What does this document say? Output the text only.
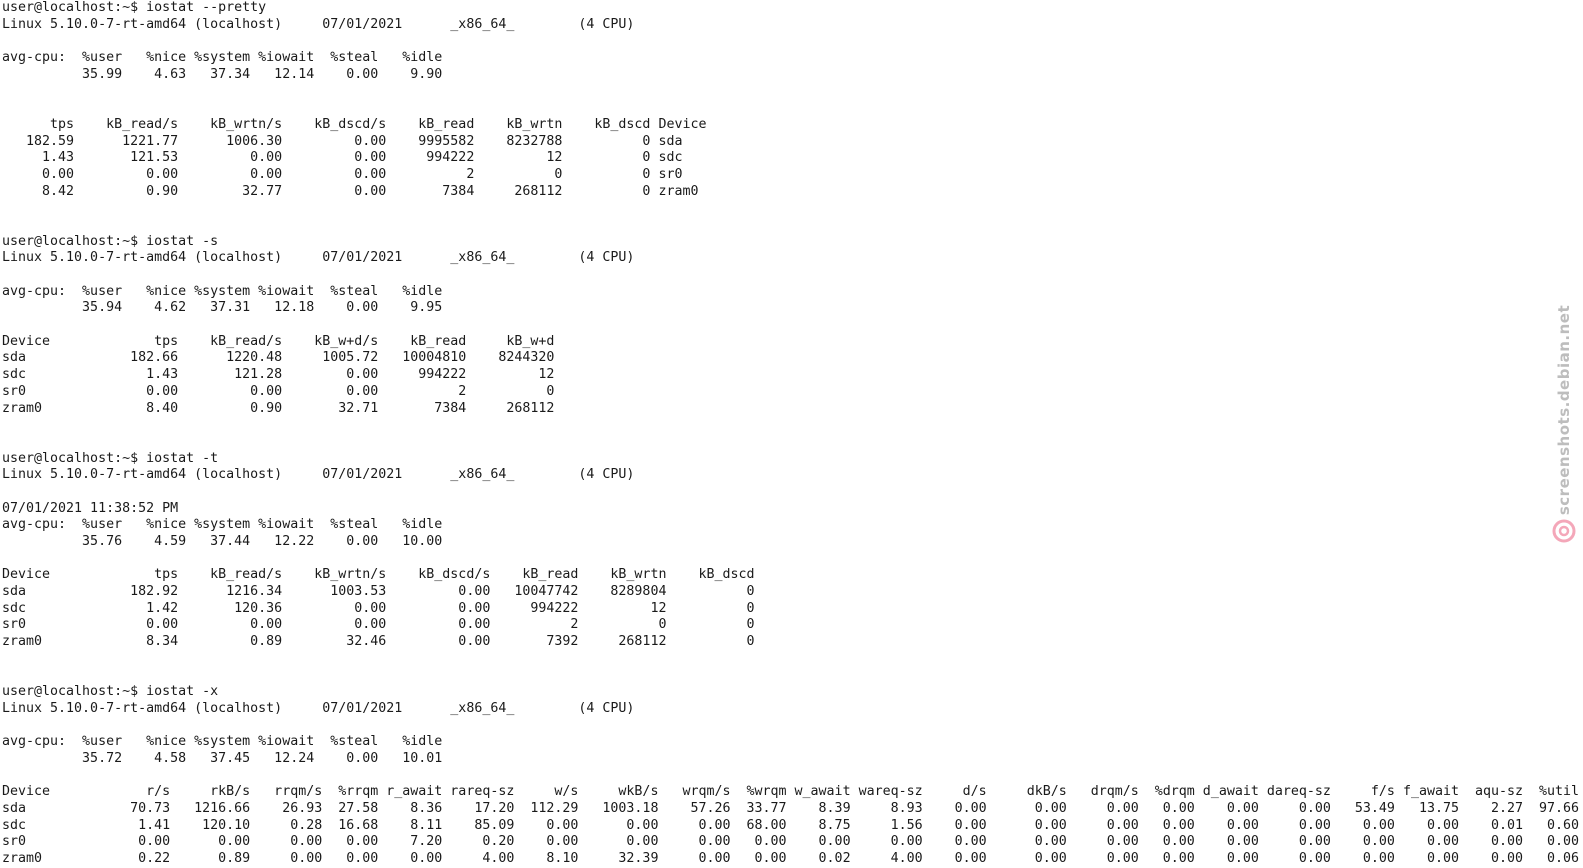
user@localhost:~$ iostat --pretty
Linux 5.10.0-7-rt-amd64 (localhost)     07/01/2021      _x86_64_        (4 CPU)
avg-cpu:  %user   %nice %system %iowait  %steal   %idle
35.99    4.63   37.34   12.14    0.00    9.90
tps    kB_read/s    kB_wrtn/s    kB_dscd/s    kB_read    kB_wrtn    kB_dscd Device
182.59      1221.77      1006.30         0.00    9995582    8232788          0 sda
1.43       121.53         0.00         0.00     994222         12          0 sdc
0.00         0.00         0.00         0.00          2          0          0 sr0
8.42         0.90        32.77         0.00       7384     268112          0 zram0
user@localhost:~$ iostat -s
Linux 5.10.0-7-rt-amd64 (localhost)     07/01/2021      _x86_64_        (4 CPU)
avg-cpu:  %user   %nice %system %iowait  %steal   %idle
35.94    4.62   37.31   12.18    0.00    9.95
Device             tps    kB_read/s    kB_w+d/s    kB_read     kB_w+d
sda             182.66      1220.48     1005.72   10004810    8244320
sdc               1.43       121.28        0.00     994222         12
sr0               0.00         0.00        0.00          2          0
zram0             8.40         0.90       32.71       7384     268112
user@localhost:~$ iostat -t
Linux 5.10.0-7-rt-amd64 (localhost)     07/01/2021      _x86_64_        (4 CPU)
07/01/2021 11:38:52 PM
avg-cpu:  %user   %nice %system %iowait  %steal   %idle
35.76    4.59   37.44   12.22    0.00   10.00
Device             tps    kB_read/s    kB_wrtn/s    kB_dscd/s    kB_read    kB_wrtn    kB_dscd
sda             182.92      1216.34      1003.53         0.00   10047742    8289804          0
sdc               1.42       120.36         0.00         0.00     994222         12          0
sr0               0.00         0.00         0.00         0.00          2          0          0
zram0             8.34         0.89        32.46         0.00       7392     268112          0
user@localhost:~$ iostat -x
Linux 5.10.0-7-rt-amd64 (localhost)     07/01/2021      _x86_64_        (4 CPU)
avg-cpu:  %user   %nice %system %iowait  %steal   %idle
35.72    4.58   37.45   12.24    0.00   10.01
Device            r/s     rkB/s   rrqm/s  %rrqm r_await rareq-sz     w/s     wkB/s   wrqm/s  %wrqm w_await wareq-sz     d/s     dkB/s   drqm/s  %drqm d_await dareq-sz     f/s f_await  aqu-sz  %util
sda             70.73   1216.66    26.93  27.58    8.36    17.20  112.29   1003.18    57.26  33.77    8.39     8.93    0.00      0.00     0.00   0.00    0.00     0.00   53.49   13.75    2.27  97.66
sdc              1.41    120.10     0.28  16.68    8.11    85.09    0.00      0.00     0.00  68.00    8.75     1.56    0.00      0.00     0.00   0.00    0.00     0.00    0.00    0.00    0.01   0.60
sr0              0.00      0.00     0.00   0.00    7.20     0.20    0.00      0.00     0.00   0.00    0.00     0.00    0.00      0.00     0.00   0.00    0.00     0.00    0.00    0.00    0.00   0.00
zram0            0.22      0.89     0.00   0.00    0.00     4.00    8.10     32.39     0.00   0.00    0.02     4.00    0.00      0.00     0.00   0.00    0.00     0.00    0.00    0.00    0.00   0.06
screenshots.debian.net
